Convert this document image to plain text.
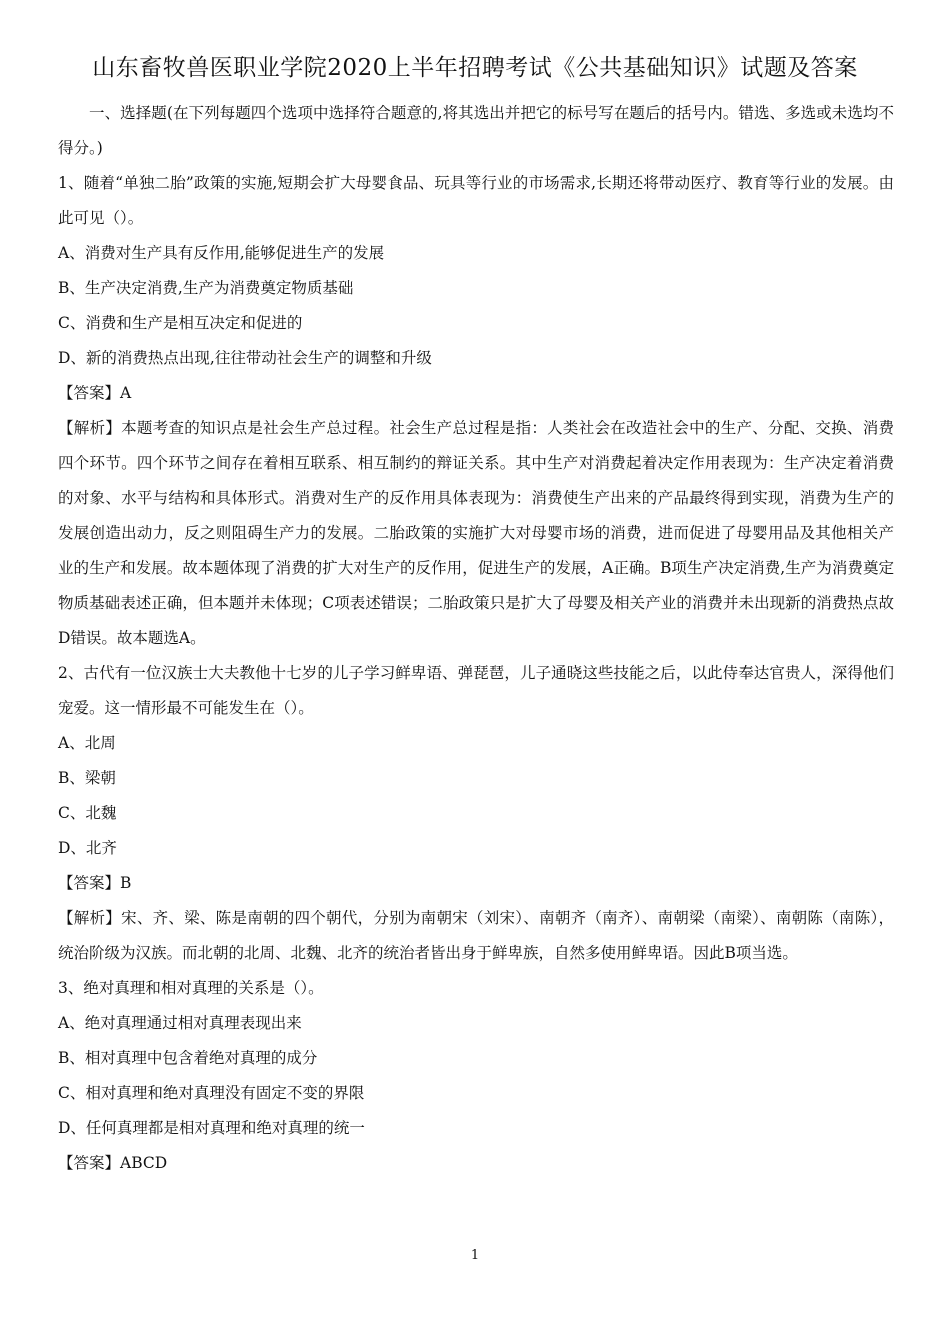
山东畜牧兽医职业学院2020上半年招聘考试《公共基础知识》试题及答案

一、选择题(在下列每题四个选项中选择符合题意的,将其选出并把它的标号写在题后的括号内。错选、多选或未选均不得分。)

1、随着“单独二胎”政策的实施,短期会扩大母婴食品、玩具等行业的市场需求,长期还将带动医疗、教育等行业的发展。由此可见（）。

A、消费对生产具有反作用,能够促进生产的发展

B、生产决定消费,生产为消费奠定物质基础

C、消费和生产是相互决定和促进的

D、新的消费热点出现,往往带动社会生产的调整和升级

【答案】A

【解析】本题考查的知识点是社会生产总过程。社会生产总过程是指：人类社会在改造社会中的生产、分配、交换、消费四个环节。四个环节之间存在着相互联系、相互制约的辩证关系。其中生产对消费起着决定作用表现为：生产决定着消费的对象、水平与结构和具体形式。消费对生产的反作用具体表现为：消费使生产出来的产品最终得到实现，消费为生产的发展创造出动力，反之则阻碍生产力的发展。二胎政策的实施扩大对母婴市场的消费，进而促进了母婴用品及其他相关产业的生产和发展。故本题体现了消费的扩大对生产的反作用，促进生产的发展，A正确。B项生产决定消费,生产为消费奠定物质基础表述正确，但本题并未体现；C项表述错误；二胎政策只是扩大了母婴及相关产业的消费并未出现新的消费热点故D错误。故本题选A。

2、古代有一位汉族士大夫教他十七岁的儿子学习鲜卑语、弹琵琶，儿子通晓这些技能之后，以此侍奉达官贵人，深得他们宠爱。这一情形最不可能发生在（）。

A、北周

B、梁朝

C、北魏

D、北齐

【答案】B

【解析】宋、齐、梁、陈是南朝的四个朝代，分别为南朝宋（刘宋）、南朝齐（南齐）、南朝梁（南梁）、南朝陈（南陈），统治阶级为汉族。而北朝的北周、北魏、北齐的统治者皆出身于鲜卑族，自然多使用鲜卑语。因此B项当选。

3、绝对真理和相对真理的关系是（）。

A、绝对真理通过相对真理表现出来

B、相对真理中包含着绝对真理的成分

C、相对真理和绝对真理没有固定不变的界限

D、任何真理都是相对真理和绝对真理的统一

【答案】ABCD

1
